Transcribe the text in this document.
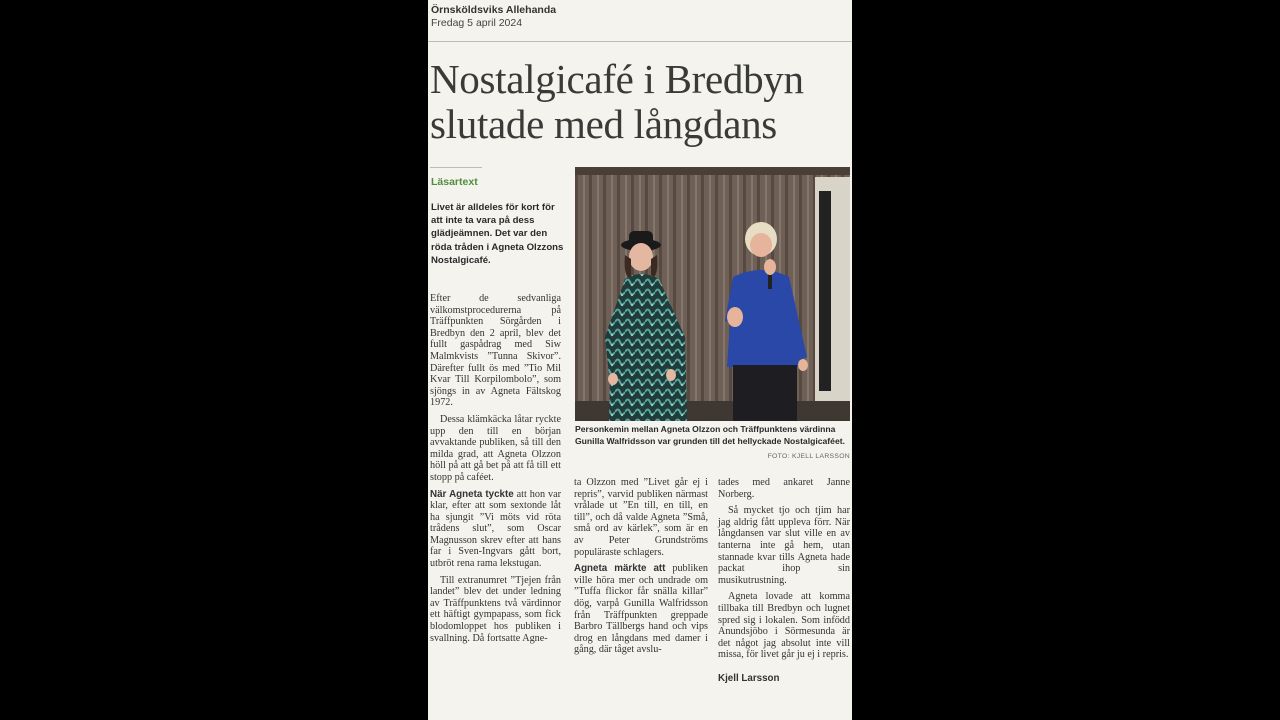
Örnsköldsviks Allehanda
Fredag 5 april 2024
Nostalgicafé i Bredbyn
slutade med långdans
Läsartext
Livet är alldeles för kort för att inte ta vara på dess glädjeämnen. Det var den röda tråden i Agneta Olzzons Nostalgicafé.

Efter de sedvanliga välkomstprocedurerna på Träffpunkten Sörgården i Bredbyn den 2 april, blev det fullt gaspådrag med Siw Malmkvists ”Tunna Skivor”. Därefter fullt ös med ”Tio Mil Kvar Till Korpilombolo”, som sjöngs in av Agneta Fältskog 1972.

Dessa klämkäcka låtar ryckte upp den till en början avvaktande publiken, så till den milda grad, att Agneta Olzzon höll på att gå bet på att få till ett stopp på caféet.

När Agneta tyckte att hon var klar, efter att som sextonde låt ha sjungit ”Vi möts vid röta trådens slut”, som Oscar Magnusson skrev efter att hans far i Sven-Ingvars gått bort, utbröt rena rama lekstugan.

Till extranumret ”Tjejen från landet” blev det under ledning av Träffpunktens två värdinnor ett häftigt gympapass, som fick blodomloppet hos publiken i svallning. Då fortsatte Agne-

Personkemin mellan Agneta Olzzon och Träffpunktens värdinna Gunilla Walfridsson var grunden till det hellyckade Nostalgicaféet.
FOTO: KJELL LARSSON

ta Olzzon med ”Livet går ej i repris”, varvid publiken närmast vrålade ut ”En till, en till, en till”, och då valde Agneta ”Små, små ord av kärlek”, som är en av Peter Grundströms populäraste schlagers.

Agneta märkte att publiken ville höra mer och undrade om ”Tuffa flickor får snälla killar” dög, varpå Gunilla Walfridsson från Träffpunkten greppade Barbro Tällbergs hand och vips drog en långdans med damer i gång, där tåget avslu-

tades med ankaret Janne Norberg.

Så mycket tjo och tjim har jag aldrig fått uppleva förr. När långdansen var slut ville en av tanterna inte gå hem, utan stannade kvar tills Agneta hade packat ihop sin musikutrustning.

Agneta lovade att komma tillbaka till Bredbyn och lugnet spred sig i lokalen. Som infödd Anundsjöbo i Sörmesunda är det något jag absolut inte vill missa, för livet går ju ej i repris.

Kjell Larsson
